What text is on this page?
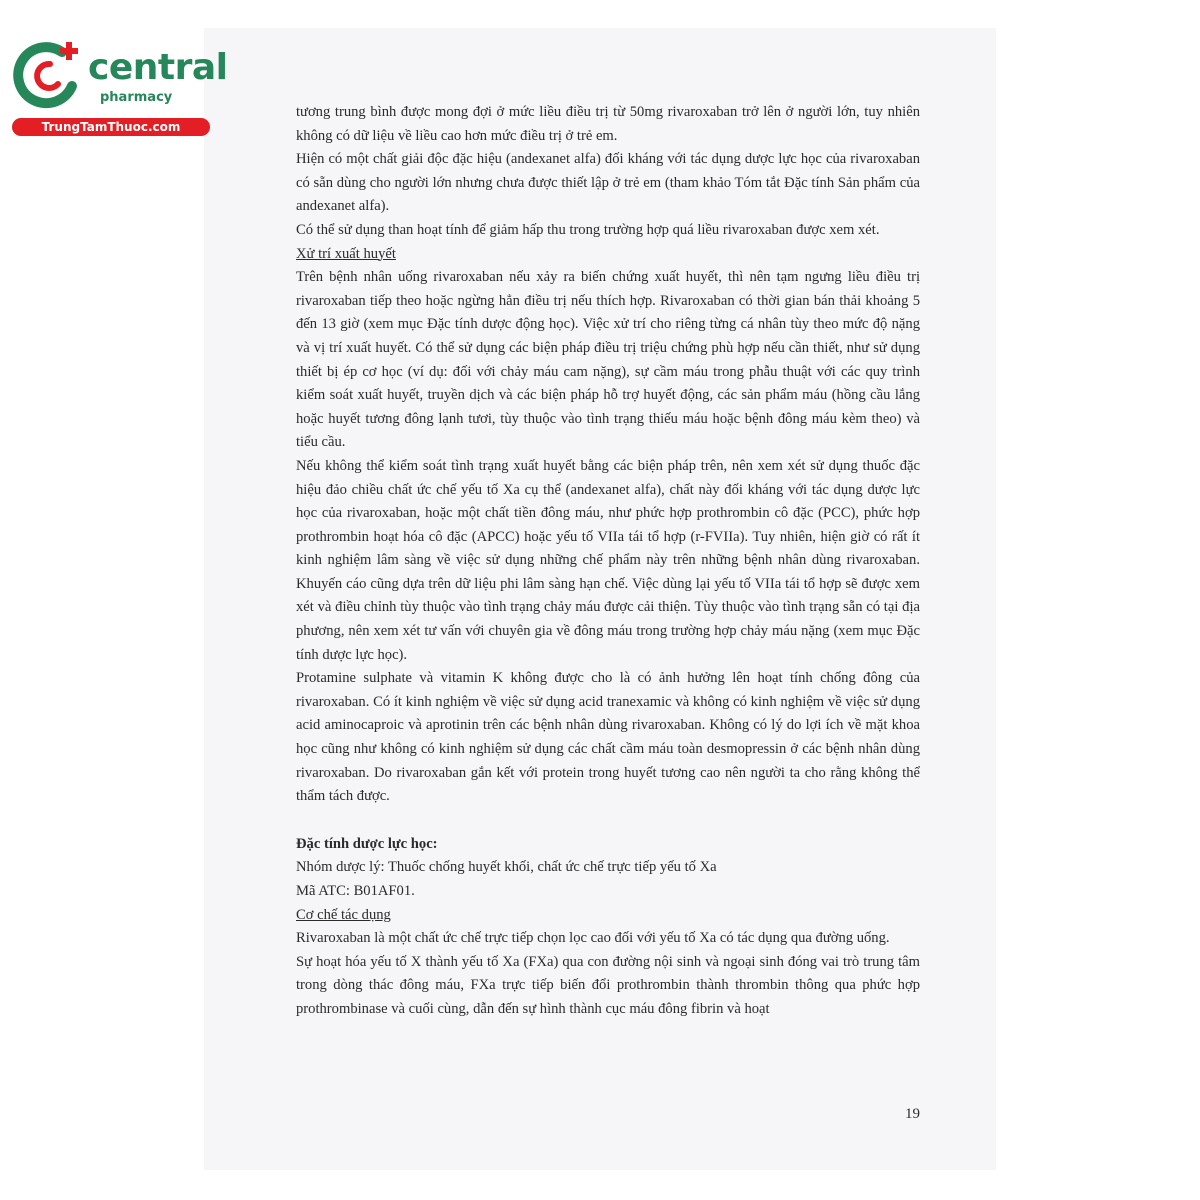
central
pharmacy
TrungTamThuoc.com

tương trung bình được mong đợi ở mức liều điều trị từ 50mg rivaroxaban trở lên ở người lớn, tuy nhiên không có dữ liệu về liều cao hơn mức điều trị ở trẻ em.

Hiện có một chất giải độc đặc hiệu (andexanet alfa) đối kháng với tác dụng dược lực học của rivaroxaban có sẵn dùng cho người lớn nhưng chưa được thiết lập ở trẻ em (tham khảo Tóm tắt Đặc tính Sản phẩm của andexanet alfa).

Có thể sử dụng than hoạt tính để giảm hấp thu trong trường hợp quá liều rivaroxaban được xem xét.

Xử trí xuất huyết

Trên bệnh nhân uống rivaroxaban nếu xảy ra biến chứng xuất huyết, thì nên tạm ngưng liều điều trị rivaroxaban tiếp theo hoặc ngừng hẳn điều trị nếu thích hợp. Rivaroxaban có thời gian bán thải khoảng 5 đến 13 giờ (xem mục Đặc tính dược động học). Việc xử trí cho riêng từng cá nhân tùy theo mức độ nặng và vị trí xuất huyết. Có thể sử dụng các biện pháp điều trị triệu chứng phù hợp nếu cần thiết, như sử dụng thiết bị ép cơ học (ví dụ: đối với chảy máu cam nặng), sự cầm máu trong phẫu thuật với các quy trình kiểm soát xuất huyết, truyền dịch và các biện pháp hỗ trợ huyết động, các sản phẩm máu (hồng cầu lắng hoặc huyết tương đông lạnh tươi, tùy thuộc vào tình trạng thiếu máu hoặc bệnh đông máu kèm theo) và tiểu cầu.

Nếu không thể kiểm soát tình trạng xuất huyết bằng các biện pháp trên, nên xem xét sử dụng thuốc đặc hiệu đảo chiều chất ức chế yếu tố Xa cụ thể (andexanet alfa), chất này đối kháng với tác dụng dược lực học của rivaroxaban, hoặc một chất tiền đông máu, như phức hợp prothrombin cô đặc (PCC), phức hợp prothrombin hoạt hóa cô đặc (APCC) hoặc yếu tố VIIa tái tổ hợp (r-FVIIa). Tuy nhiên, hiện giờ có rất ít kinh nghiệm lâm sàng về việc sử dụng những chế phẩm này trên những bệnh nhân dùng rivaroxaban. Khuyến cáo cũng dựa trên dữ liệu phi lâm sàng hạn chế. Việc dùng lại yếu tố VIIa tái tổ hợp sẽ được xem xét và điều chỉnh tùy thuộc vào tình trạng chảy máu được cải thiện. Tùy thuộc vào tình trạng sẵn có tại địa phương, nên xem xét tư vấn với chuyên gia về đông máu trong trường hợp chảy máu nặng (xem mục Đặc tính dược lực học).

Protamine sulphate và vitamin K không được cho là có ảnh hưởng lên hoạt tính chống đông của rivaroxaban. Có ít kinh nghiệm về việc sử dụng acid tranexamic và không có kinh nghiệm về việc sử dụng acid aminocaproic và aprotinin trên các bệnh nhân dùng rivaroxaban. Không có lý do lợi ích về mặt khoa học cũng như không có kinh nghiệm sử dụng các chất cầm máu toàn desmopressin ở các bệnh nhân dùng rivaroxaban. Do rivaroxaban gắn kết với protein trong huyết tương cao nên người ta cho rằng không thể thẩm tách được.

Đặc tính dược lực học:

Nhóm dược lý: Thuốc chống huyết khối, chất ức chế trực tiếp yếu tố Xa

Mã ATC: B01AF01.

Cơ chế tác dụng

Rivaroxaban là một chất ức chế trực tiếp chọn lọc cao đối với yếu tố Xa có tác dụng qua đường uống.

Sự hoạt hóa yếu tố X thành yếu tố Xa (FXa) qua con đường nội sinh và ngoại sinh đóng vai trò trung tâm trong dòng thác đông máu, FXa trực tiếp biến đổi prothrombin thành thrombin thông qua phức hợp prothrombinase và cuối cùng, dẫn đến sự hình thành cục máu đông fibrin và hoạt

19
